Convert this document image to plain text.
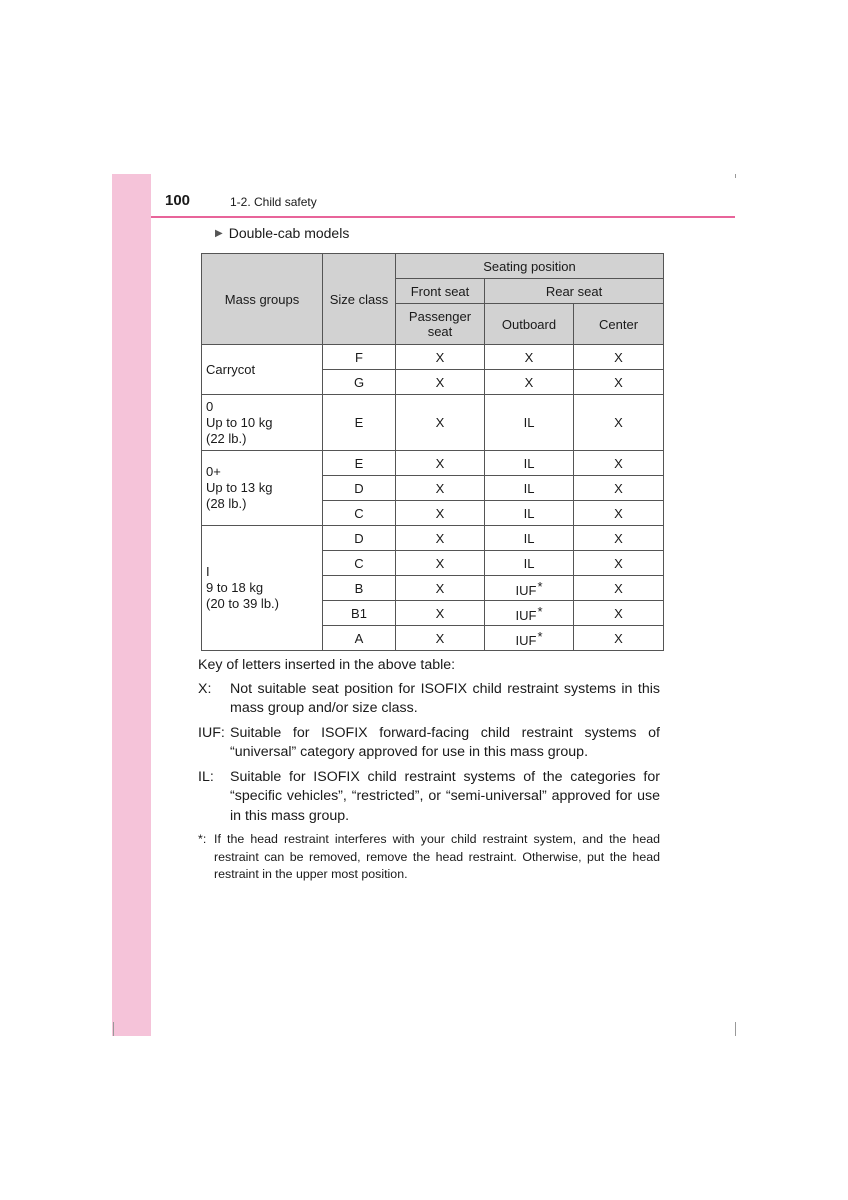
100	1-2. Child safety
▶ Double-cab models
Mass groups	Size class	Seating position		
		Front seat	Rear seat	
		Passenger seat	Outboard	Center

Carrycot	F	X	X	X
	G	X	X	X

0
Up to 10 kg
(22 lb.)	E	X	IL	X

0+
Up to 13 kg
(28 lb.)	E	X	IL	X
	D	X	IL	X
	C	X	IL	X

I
9 to 18 kg
(20 to 39 lb.)	D	X	IL	X
	C	X	IL	X
	B	X	IUF*	X
	B1	X	IUF*	X
	A	X	IUF*	X
Key of letters inserted in the above table:
X:	Not suitable seat position for ISOFIX child restraint systems in this mass group and/or size class.
IUF: Suitable for ISOFIX forward-facing child restraint systems of “universal” category approved for use in this mass group.
IL:	Suitable for ISOFIX child restraint systems of the categories for “specific vehicles”, “restricted”, or “semi-universal” approved for use in this mass group.
*: If the head restraint interferes with your child restraint system, and the head restraint can be removed, remove the head restraint. Otherwise, put the head restraint in the upper most position.
